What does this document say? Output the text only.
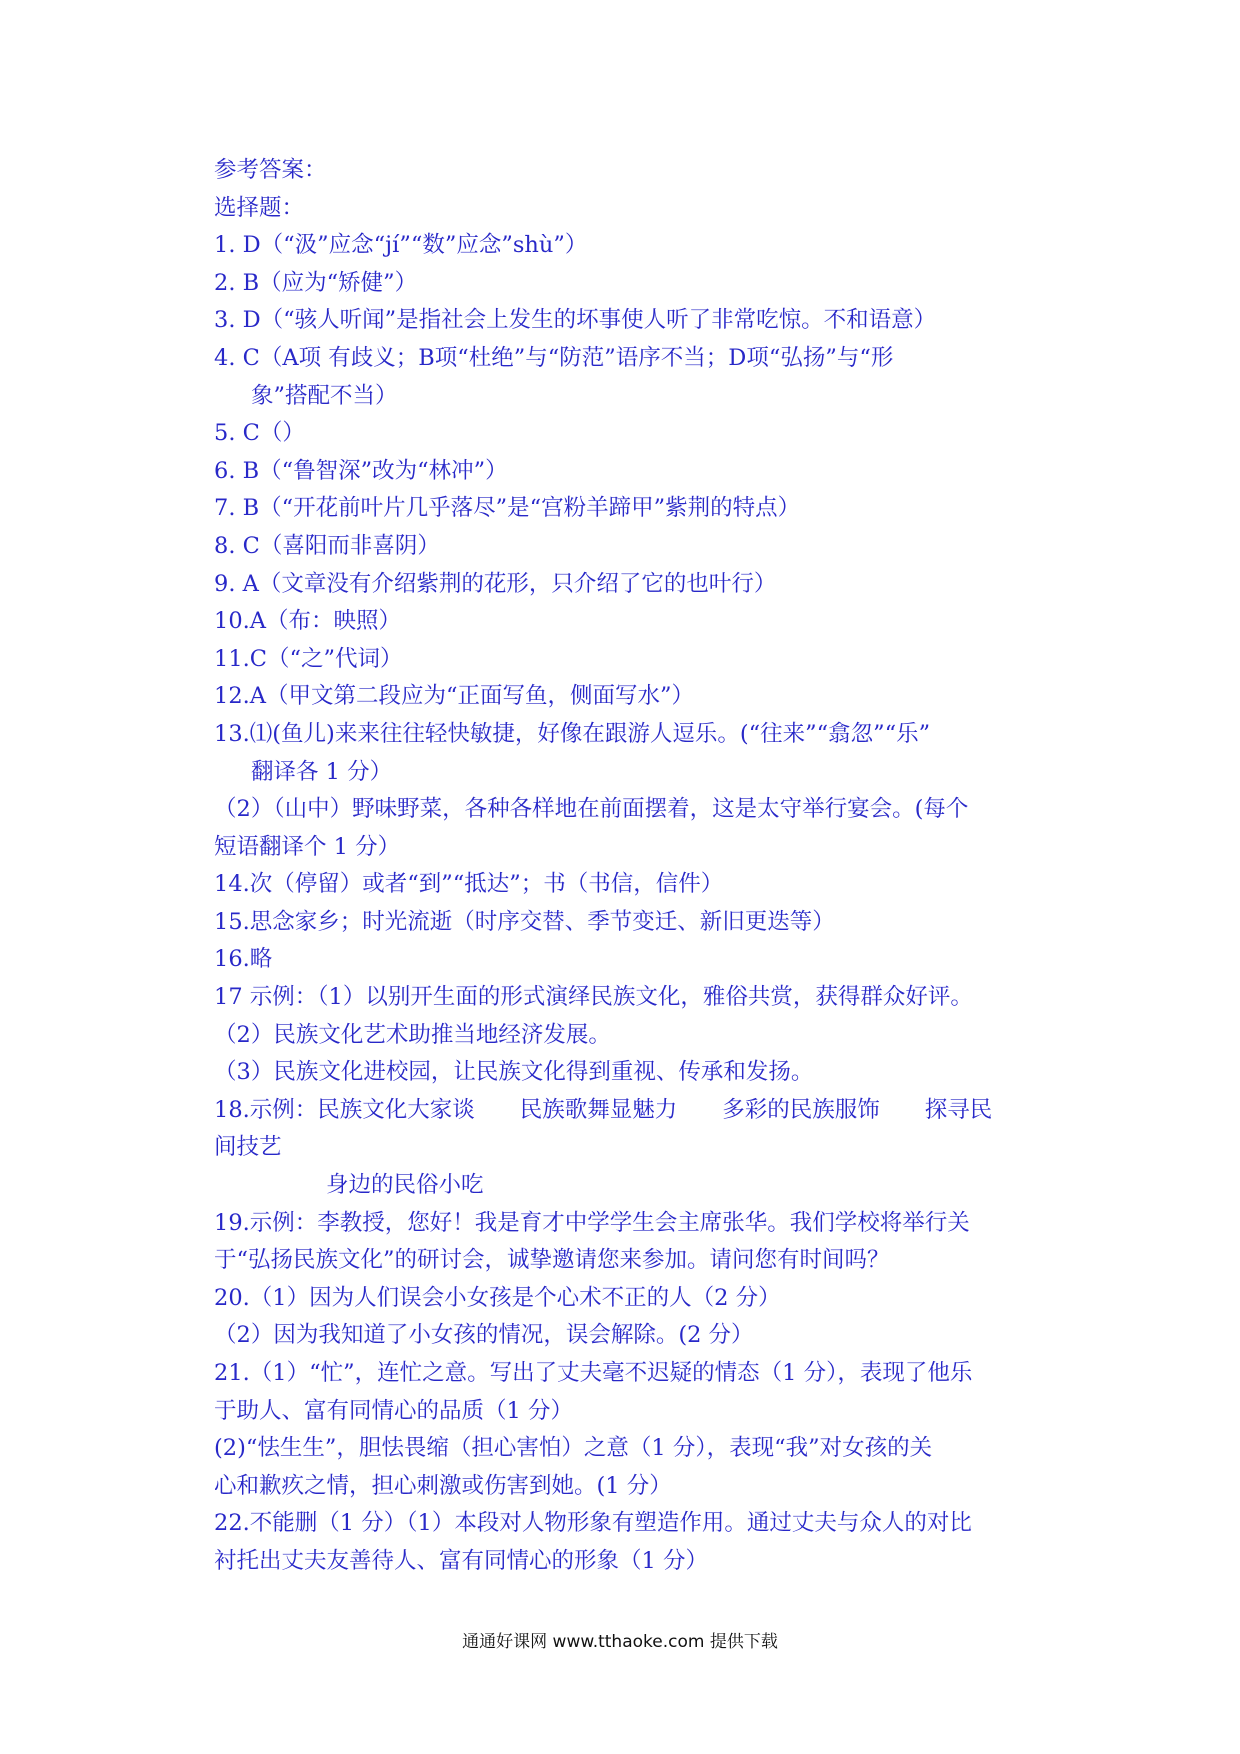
参考答案：
选择题：
1. D（“汲”应念“jí”“数”应念”shù”）
2. B（应为“矫健”）
3. D（“骇人听闻”是指社会上发生的坏事使人听了非常吃惊。不和语意）
4. C（A项 有歧义；B项“杜绝”与“防范”语序不当；D项“弘扬”与“形
象”搭配不当）
5. C（）
6. B（“鲁智深”改为“林冲”）
7. B（“开花前叶片几乎落尽”是“宫粉羊蹄甲”紫荆的特点）
8. C（喜阳而非喜阴）
9. A（文章没有介绍紫荆的花形，只介绍了它的也叶行）
10.A（布：映照）
11.C（“之”代词）
12.A（甲文第二段应为“正面写鱼，侧面写水”）
13.⑴(鱼儿)来来往往轻快敏捷，好像在跟游人逗乐。(“往来”“翕忽”“乐”
翻译各 1 分）
（2）（山中）野味野菜，各种各样地在前面摆着，这是太守举行宴会。(每个
短语翻译个 1 分）
14.次（停留）或者“到”“抵达”；书（书信，信件）
15.思念家乡；时光流逝（时序交替、季节变迁、新旧更迭等）
16.略
17 示例：（1）以别开生面的形式演绎民族文化，雅俗共赏，获得群众好评。
（2）民族文化艺术助推当地经济发展。
（3）民族文化进校园，让民族文化得到重视、传承和发扬。
18.示例：民族文化大家谈　　民族歌舞显魅力　　多彩的民族服饰　　探寻民
间技艺
身边的民俗小吃
19.示例：李教授，您好！我是育才中学学生会主席张华。我们学校将举行关
于“弘扬民族文化”的研讨会，诚挚邀请您来参加。请问您有时间吗？
20.（1）因为人们误会小女孩是个心术不正的人（2 分）
（2）因为我知道了小女孩的情况，误会解除。(2 分）
21.（1）“忙”，连忙之意。写出了丈夫毫不迟疑的情态（1 分），表现了他乐
于助人、富有同情心的品质（1 分）
(2)“怯生生”，胆怯畏缩（担心害怕）之意（1 分），表现“我”对女孩的关
心和歉疚之情，担心刺激或伤害到她。(1 分）
22.不能删（1 分）（1）本段对人物形象有塑造作用。通过丈夫与众人的对比
衬托出丈夫友善待人、富有同情心的形象（1 分）
通通好课网 www.tthaoke.com 提供下载
